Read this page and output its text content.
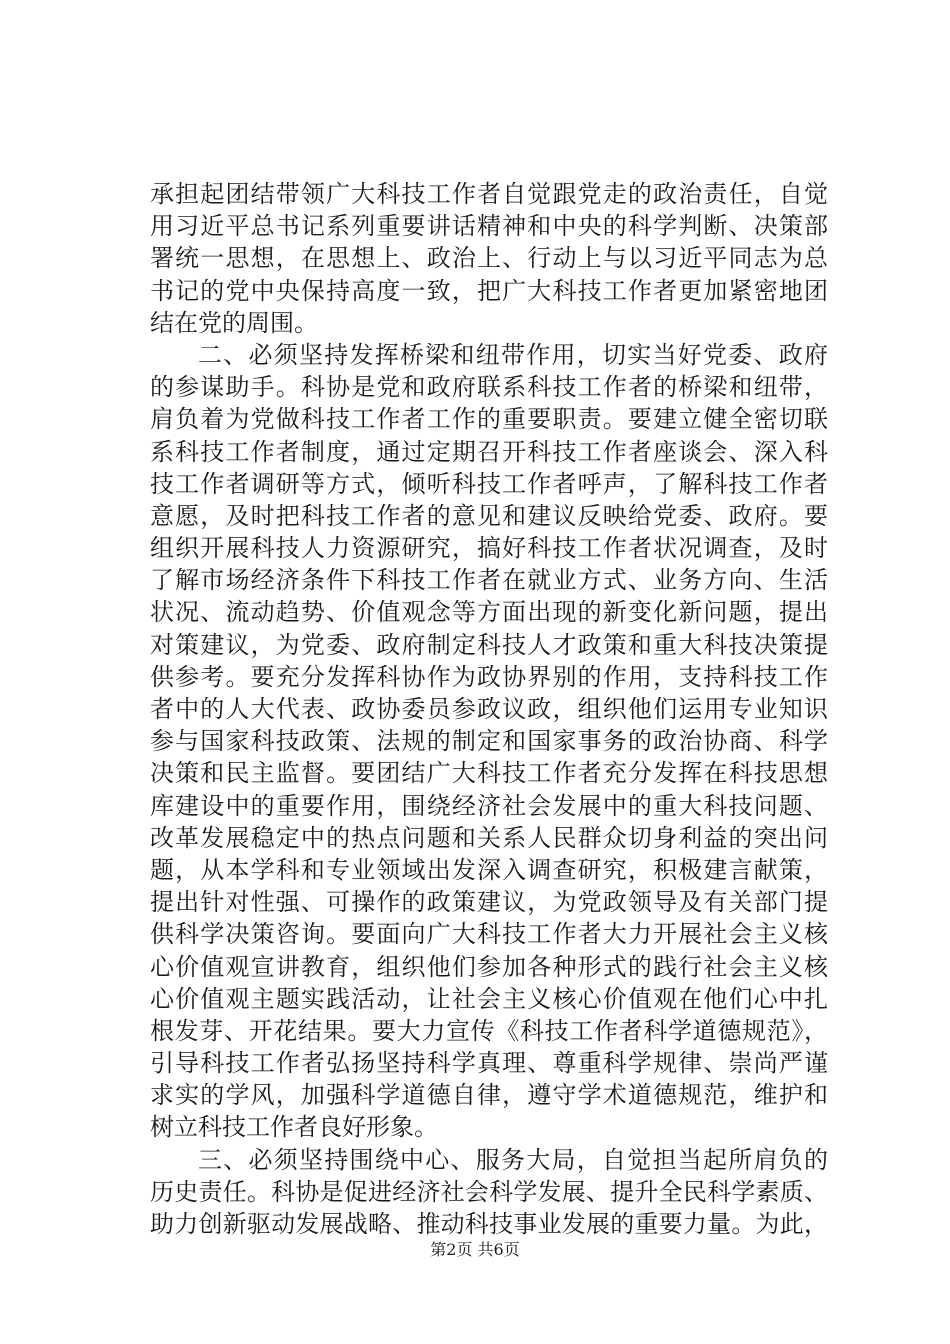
承担起团结带领广大科技工作者自觉跟党走的政治责任，自觉
用习近平总书记系列重要讲话精神和中央的科学判断、决策部
署统一思想，在思想上、政治上、行动上与以习近平同志为总
书记的党中央保持高度一致，把广大科技工作者更加紧密地团
结在党的周围。
二、必须坚持发挥桥梁和纽带作用，切实当好党委、政府
的参谋助手。科协是党和政府联系科技工作者的桥梁和纽带，
肩负着为党做科技工作者工作的重要职责。要建立健全密切联
系科技工作者制度，通过定期召开科技工作者座谈会、深入科
技工作者调研等方式，倾听科技工作者呼声，了解科技工作者
意愿，及时把科技工作者的意见和建议反映给党委、政府。要
组织开展科技人力资源研究，搞好科技工作者状况调查，及时
了解市场经济条件下科技工作者在就业方式、业务方向、生活
状况、流动趋势、价值观念等方面出现的新变化新问题，提出
对策建议，为党委、政府制定科技人才政策和重大科技决策提
供参考。要充分发挥科协作为政协界别的作用，支持科技工作
者中的人大代表、政协委员参政议政，组织他们运用专业知识
参与国家科技政策、法规的制定和国家事务的政治协商、科学
决策和民主监督。要团结广大科技工作者充分发挥在科技思想
库建设中的重要作用，围绕经济社会发展中的重大科技问题、
改革发展稳定中的热点问题和关系人民群众切身利益的突出问
题，从本学科和专业领域出发深入调查研究，积极建言献策，
提出针对性强、可操作的政策建议，为党政领导及有关部门提
供科学决策咨询。要面向广大科技工作者大力开展社会主义核
心价值观宣讲教育，组织他们参加各种形式的践行社会主义核
心价值观主题实践活动，让社会主义核心价值观在他们心中扎
根发芽、开花结果。要大力宣传《科技工作者科学道德规范》，
引导科技工作者弘扬坚持科学真理、尊重科学规律、崇尚严谨
求实的学风，加强科学道德自律，遵守学术道德规范，维护和
树立科技工作者良好形象。
三、必须坚持围绕中心、服务大局，自觉担当起所肩负的
历史责任。科协是促进经济社会科学发展、提升全民科学素质、
助力创新驱动发展战略、推动科技事业发展的重要力量。为此，
第2页 共6页
